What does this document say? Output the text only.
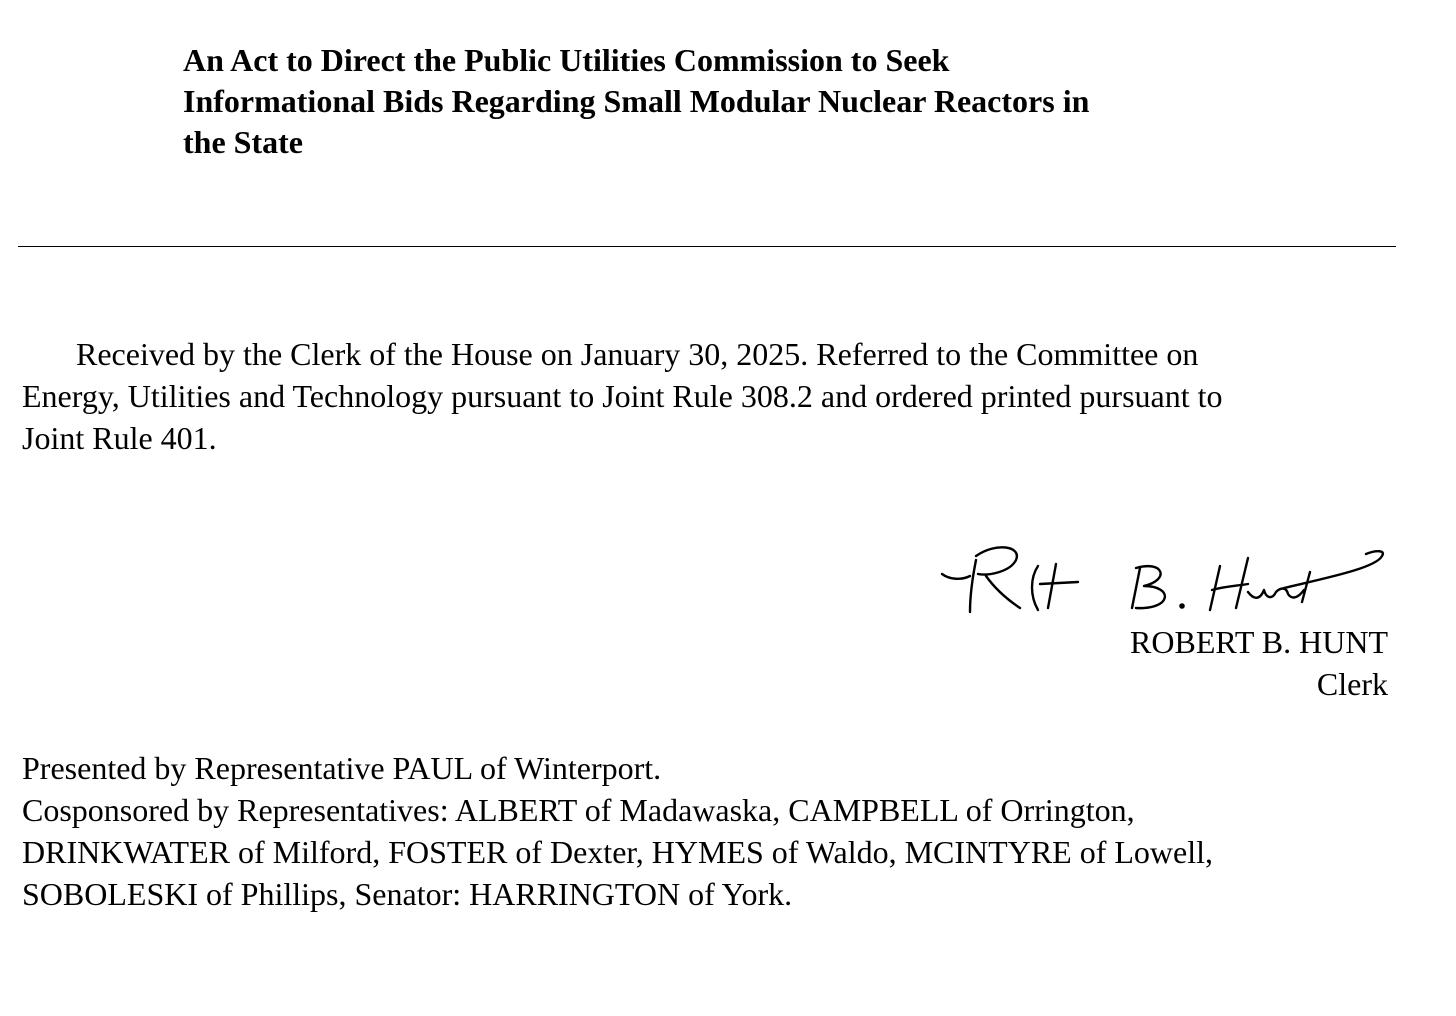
An Act to Direct the Public Utilities Commission to Seek
Informational Bids Regarding Small Modular Nuclear Reactors in
the State
Received by the Clerk of the House on January 30, 2025. Referred to the Committee on
Energy, Utilities and Technology pursuant to Joint Rule 308.2 and ordered printed pursuant to
Joint Rule 401.
ROBERT B. HUNT
Clerk
Presented by Representative PAUL of Winterport.
Cosponsored by Representatives: ALBERT of Madawaska, CAMPBELL of Orrington,
DRINKWATER of Milford, FOSTER of Dexter, HYMES of Waldo, MCINTYRE of Lowell,
SOBOLESKI of Phillips, Senator: HARRINGTON of York.
